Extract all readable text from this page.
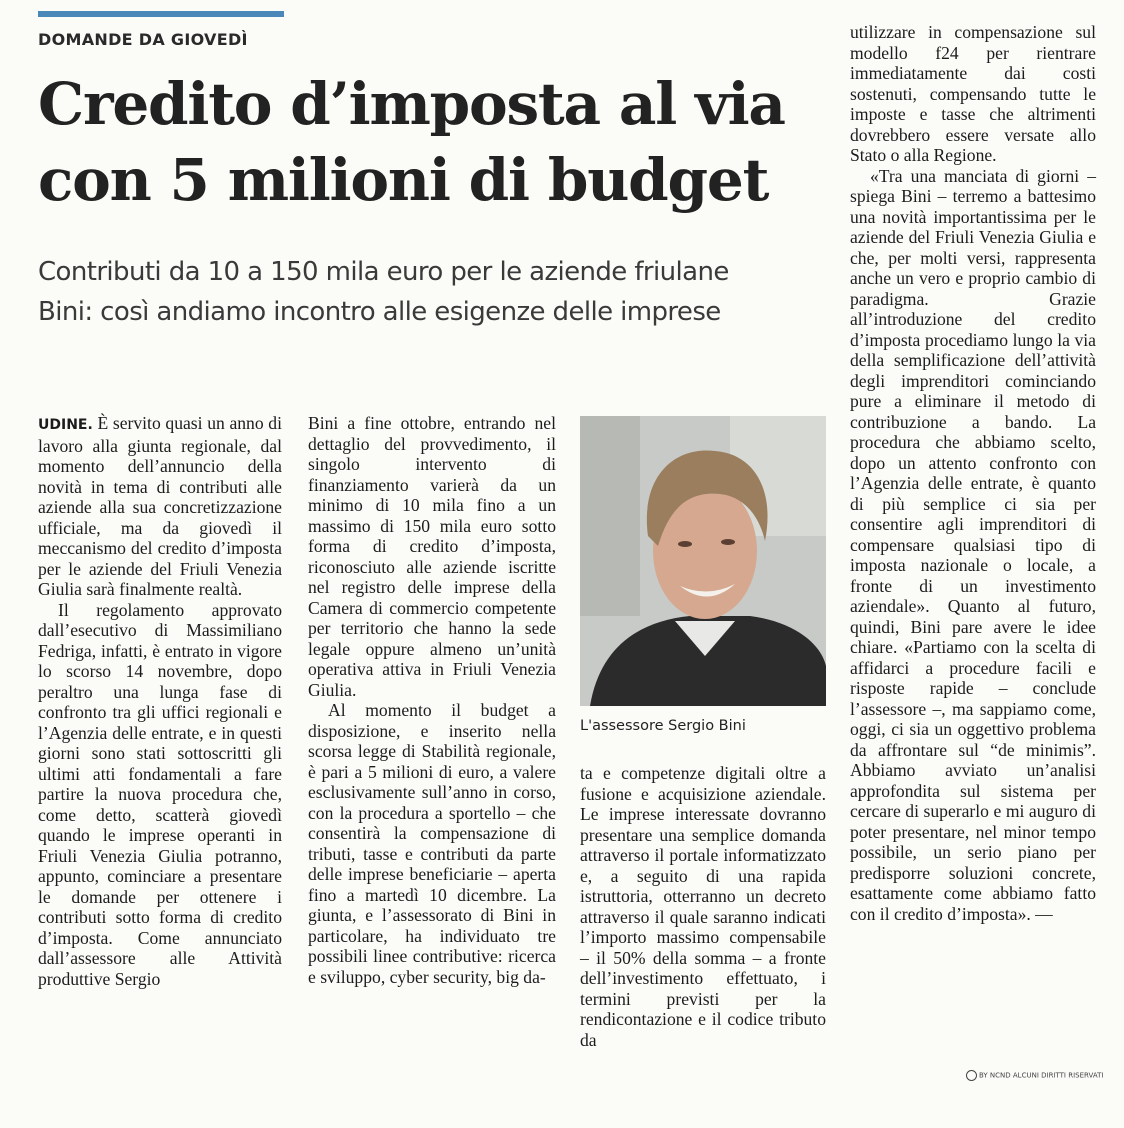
DOMANDE DA GIOVEDÌ
Credito d’imposta al via
con 5 milioni di budget
Contributi da 10 a 150 mila euro per le aziende friulane
Bini: così andiamo incontro alle esigenze delle imprese

UDINE. È servito quasi un anno di lavoro alla giunta regionale, dal momento dell’annuncio della novità in tema di contributi alle aziende alla sua concretizzazione ufficiale, ma da giovedì il meccanismo del credito d’imposta per le aziende del Friuli Venezia Giulia sarà finalmente realtà.

Il regolamento approvato dall’esecutivo di Massimiliano Fedriga, infatti, è entrato in vigore lo scorso 14 novembre, dopo peraltro una lunga fase di confronto tra gli uffici regionali e l’Agenzia delle entrate, e in questi giorni sono stati sottoscritti gli ultimi atti fondamentali a fare partire la nuova procedura che, come detto, scatterà giovedì quando le imprese operanti in Friuli Venezia Giulia potranno, appunto, cominciare a presentare le domande per ottenere i contributi sotto forma di credito d’imposta. Come annunciato dall’assessore alle Attività produttive Sergio

Bini a fine ottobre, entrando nel dettaglio del provvedimento, il singolo intervento di finanziamento varierà da un minimo di 10 mila fino a un massimo di 150 mila euro sotto forma di credito d’imposta, riconosciuto alle aziende iscritte nel registro delle imprese della Camera di commercio competente per territorio che hanno la sede legale oppure almeno un’unità operativa attiva in Friuli Venezia Giulia.

Al momento il budget a disposizione, e inserito nella scorsa legge di Stabilità regionale, è pari a 5 milioni di euro, a valere esclusivamente sull’anno in corso, con la procedura a sportello – che consentirà la compensazione di tributi, tasse e contributi da parte delle imprese beneficiarie – aperta fino a martedì 10 dicembre. La giunta, e l’assessorato di Bini in particolare, ha individuato tre possibili linee contributive: ricerca e sviluppo, cyber security, big da-

L'assessore Sergio Bini

ta e competenze digitali oltre a fusione e acquisizione aziendale. Le imprese interessate dovranno presentare una semplice domanda attraverso il portale informatizzato e, a seguito di una rapida istruttoria, otterranno un decreto attraverso il quale saranno indicati l’importo massimo compensabile – il 50% della somma – a fronte dell’investimento effettuato, i termini previsti per la rendicontazione e il codice tributo da

utilizzare in compensazione sul modello f24 per rientrare immediatamente dai costi sostenuti, compensando tutte le imposte e tasse che altrimenti dovrebbero essere versate allo Stato o alla Regione.

«Tra una manciata di giorni – spiega Bini – terremo a battesimo una novità importantissima per le aziende del Friuli Venezia Giulia e che, per molti versi, rappresenta anche un vero e proprio cambio di paradigma. Grazie all’introduzione del credito d’imposta procediamo lungo la via della semplificazione dell’attività degli imprenditori cominciando pure a eliminare il metodo di contribuzione a bando. La procedura che abbiamo scelto, dopo un attento confronto con l’Agenzia delle entrate, è quanto di più semplice ci sia per consentire agli imprenditori di compensare qualsiasi tipo di imposta nazionale o locale, a fronte di un investimento aziendale». Quanto al futuro, quindi, Bini pare avere le idee chiare. «Partiamo con la scelta di affidarci a procedure facili e risposte rapide – conclude l’assessore –, ma sappiamo come, oggi, ci sia un oggettivo problema da affrontare sul “de minimis”. Abbiamo avviato un’analisi approfondita sul sistema per cercare di superarlo e mi auguro di poter presentare, nel minor tempo possibile, un serio piano per predisporre soluzioni concrete, esattamente come abbiamo fatto con il credito d’imposta». —

BY NCND ALCUNI DIRITTI RISERVATI
